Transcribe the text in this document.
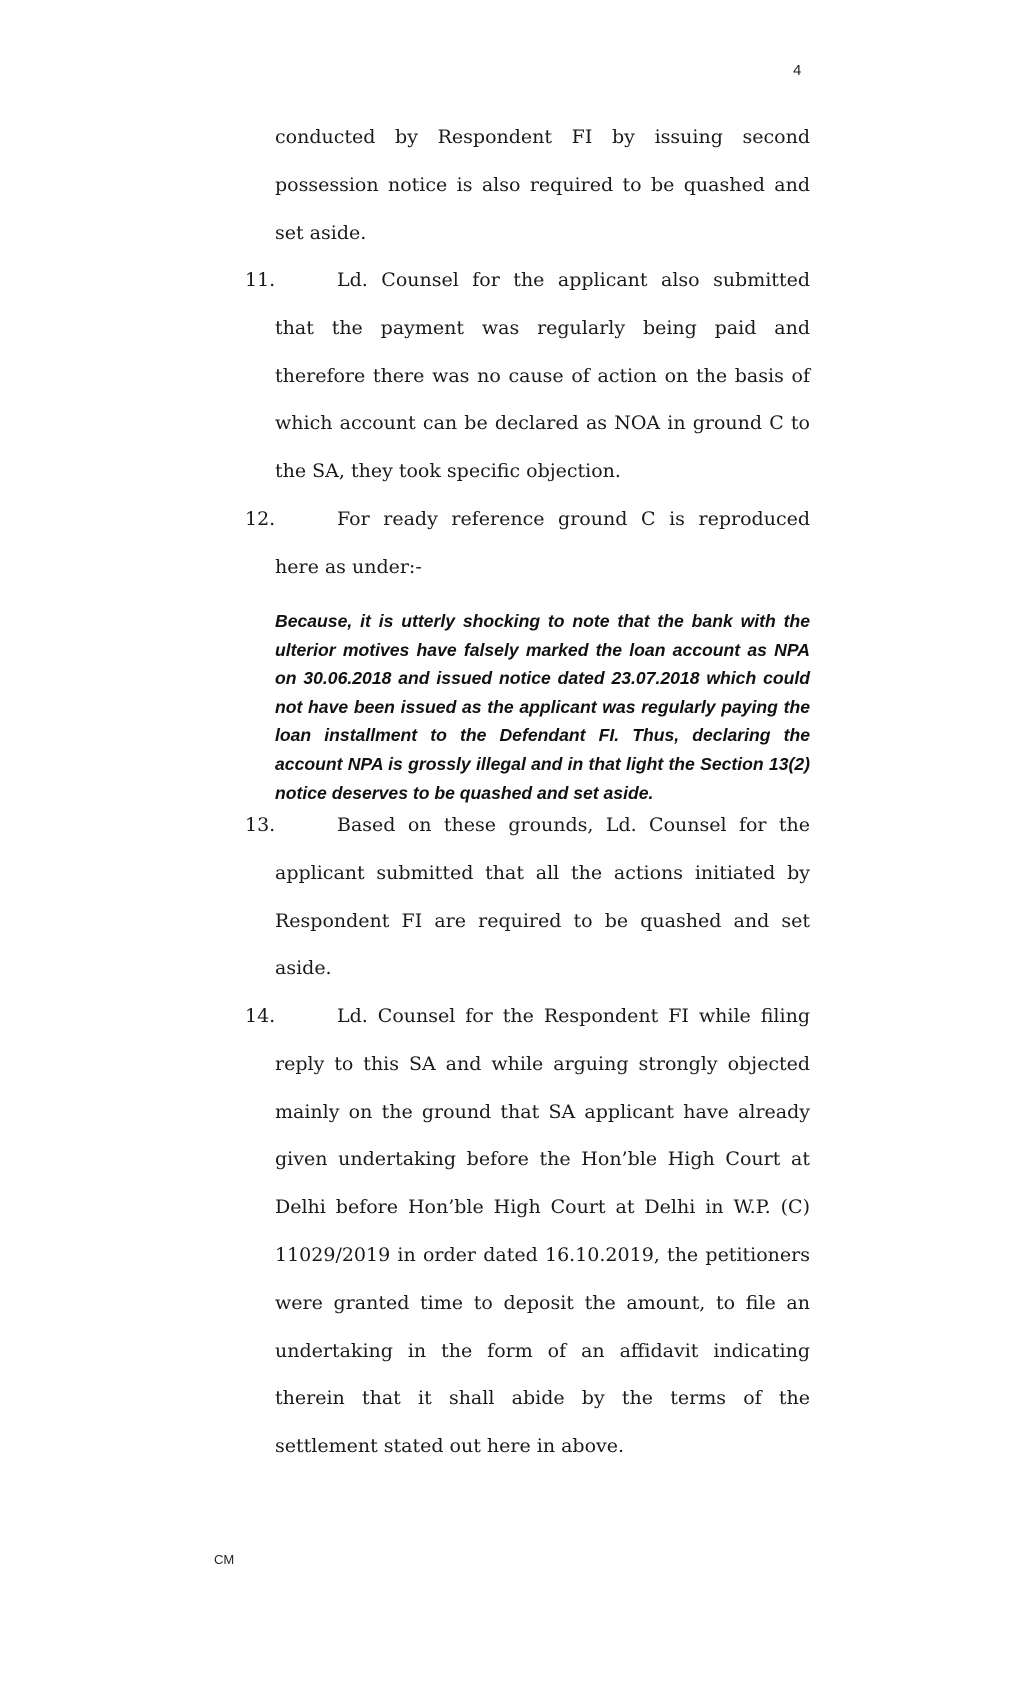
4
conducted by Respondent FI by issuing second possession notice is also required to be quashed and set aside.
11.	Ld. Counsel for the applicant also submitted that the payment was regularly being paid and therefore there was no cause of action on the basis of which account can be declared as NOA in ground C to the SA, they took specific objection.
12.	For ready reference ground C is reproduced here as under:-
Because, it is utterly shocking to note that the bank with the ulterior motives have falsely marked the loan account as NPA on 30.06.2018 and issued notice dated 23.07.2018 which could not have been issued as the applicant was regularly paying the loan installment to the Defendant FI. Thus, declaring the account NPA is grossly illegal and in that light the Section 13(2) notice deserves to be quashed and set aside.
13.	Based on these grounds, Ld. Counsel for the applicant submitted that all the actions initiated by Respondent FI are required to be quashed and set aside.
14.	Ld. Counsel for the Respondent FI while filing reply to this SA and while arguing strongly objected mainly on the ground that SA applicant have already given undertaking before the Hon’ble High Court at Delhi before Hon’ble High Court at Delhi in W.P. (C) 11029/2019 in order dated 16.10.2019, the petitioners were granted time to deposit the amount, to file an undertaking in the form of an affidavit indicating therein that it shall abide by the terms of the settlement stated out here in above.
CM
